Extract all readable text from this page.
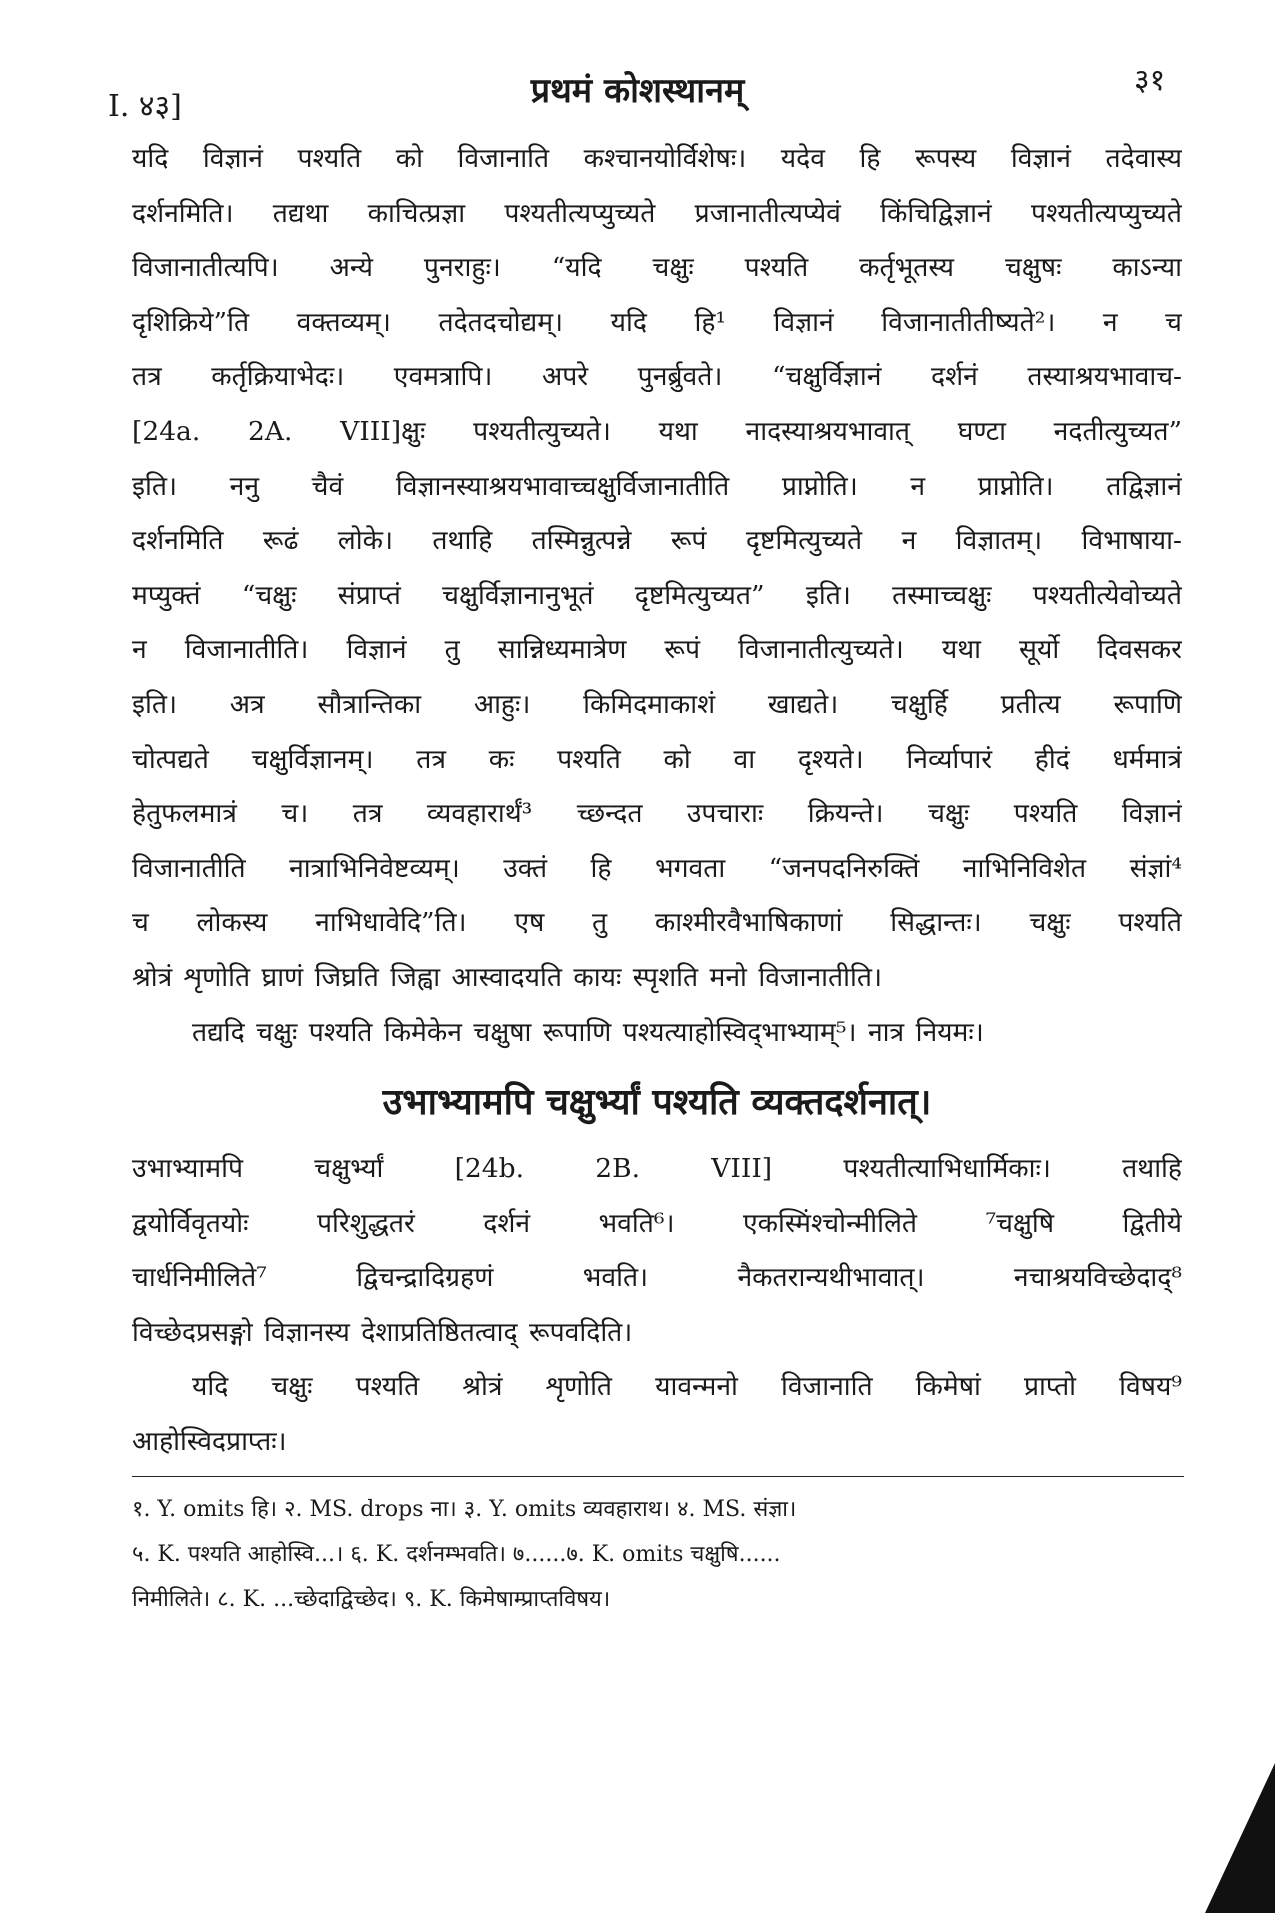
I. ४३]	प्रथमं कोशस्थानम्	३१
यदि विज्ञानं पश्यति को विजानाति कश्चानयोर्विशेषः। यदेव हि रूपस्य विज्ञानं तदेवास्य
दर्शनमिति। तद्यथा काचित्प्रज्ञा पश्यतीत्यप्युच्यते प्रजानातीत्यप्येवं किंचिद्विज्ञानं पश्यतीत्यप्युच्यते
विजानातीत्यपि। अन्ये पुनराहुः। “यदि चक्षुः पश्यति कर्तृभूतस्य चक्षुषः काऽन्या
दृशिक्रिये”ति वक्तव्यम्। तदेतदचोद्यम्। यदि हि¹ विज्ञानं विजानातीतीष्यते²। न च
तत्र कर्तृक्रियाभेदः। एवमत्रापि। अपरे पुनर्ब्रुवते। “चक्षुर्विज्ञानं दर्शनं तस्याश्रयभावाच-
[24a. 2A. VIII]क्षुः पश्यतीत्युच्यते। यथा नादस्याश्रयभावात् घण्टा नदतीत्युच्यत”
इति। ननु चैवं विज्ञानस्याश्रयभावाच्चक्षुर्विजानातीति प्राप्नोति। न प्राप्नोति। तद्विज्ञानं
दर्शनमिति रूढं लोके। तथाहि तस्मिन्नुत्पन्ने रूपं दृष्टमित्युच्यते न विज्ञातम्। विभाषाया-
मप्युक्तं “चक्षुः संप्राप्तं चक्षुर्विज्ञानानुभूतं दृष्टमित्युच्यत” इति। तस्माच्चक्षुः पश्यतीत्येवोच्यते
न विजानातीति। विज्ञानं तु सान्निध्यमात्रेण रूपं विजानातीत्युच्यते। यथा सूर्यो दिवसकर
इति। अत्र सौत्रान्तिका आहुः। किमिदमाकाशं खाद्यते। चक्षुर्हि प्रतीत्य रूपाणि
चोत्पद्यते चक्षुर्विज्ञानम्। तत्र कः पश्यति को वा दृश्यते। निर्व्यापारं हीदं धर्ममात्रं
हेतुफलमात्रं च। तत्र व्यवहारार्थं³ च्छन्दत उपचाराः क्रियन्ते। चक्षुः पश्यति विज्ञानं
विजानातीति नात्राभिनिवेष्टव्यम्। उक्तं हि भगवता “जनपदनिरुक्तिं नाभिनिविशेत संज्ञां⁴
च लोकस्य नाभिधावेदि”ति। एष तु काश्मीरवैभाषिकाणां सिद्धान्तः। चक्षुः पश्यति
श्रोत्रं शृणोति घ्राणं जिघ्रति जिह्वा आस्वादयति कायः स्पृशति मनो विजानातीति।
तद्यदि चक्षुः पश्यति किमेकेन चक्षुषा रूपाणि पश्यत्याहोस्विद्‌भाभ्याम्⁵। नात्र नियमः।
उभाभ्यामपि चक्षुर्भ्यां पश्यति व्यक्तदर्शनात्।
उभाभ्यामपि चक्षुर्भ्यां [24b. 2B. VIII] पश्यतीत्याभिधार्मिकाः। तथाहि
द्वयोर्विवृतयोः परिशुद्धतरं दर्शनं भवति⁶। एकस्मिंश्चोन्मीलिते ⁷चक्षुषि द्वितीये
चार्धनिमीलिते⁷ द्विचन्द्रादिग्रहणं भवति। नैकतरान्यथीभावात्। नचाश्रयविच्छेदाद्⁸
विच्छेदप्रसङ्गो विज्ञानस्य देशाप्रतिष्ठितत्वाद् रूपवदिति।
यदि चक्षुः पश्यति श्रोत्रं शृणोति यावन्मनो विजानाति किमेषां प्राप्तो विषय⁹
आहोस्विदप्राप्तः।
१. Y. omits हि। २. MS. drops ना। ३. Y. omits व्यवहाराथ। ४. MS. संज्ञा।
५. K. पश्यति आहोस्वि...। ६. K. दर्शनम्भवति। ७......७. K. omits चक्षुषि......
निमीलिते। ८. K. ...च्छेदाद्विच्छेद। ९. K. किमेषाम्प्राप्तविषय।
